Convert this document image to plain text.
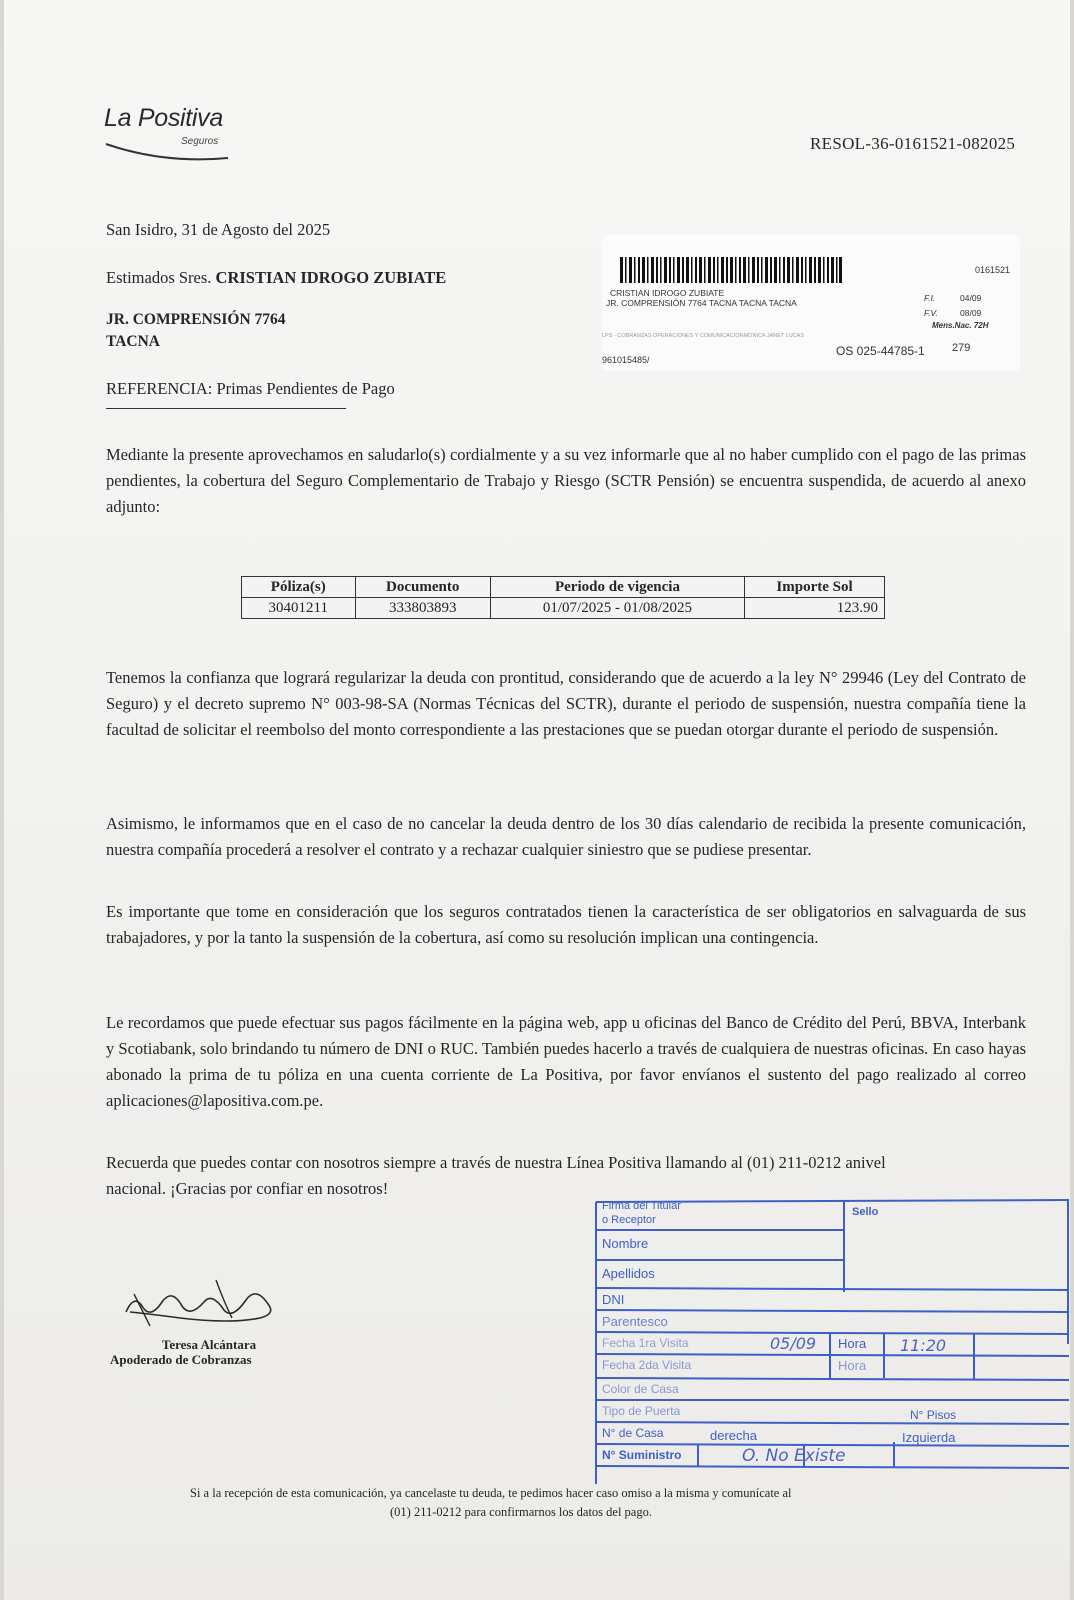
La Positiva
Seguros	RESOL-36-0161521-082025
San Isidro, 31 de Agosto del 2025
Estimados Sres. CRISTIAN IDROGO ZUBIATE
JR. COMPRENSIÓN 7764
TACNA
REFERENCIA: Primas Pendientes de Pago
0161521
CRISTIAN IDROGO ZUBIATE
JR. COMPRENSIÓN 7764 TACNA TACNA TACNA	F.I.	04/09
F.V.	08/09
Mens.Nac. 72H
LPS - COBRANZAS OPERACIONES Y COMUNICACIONMONICA JANET LUCAS
961015485/
OS 025-44785-1 279
Mediante la presente aprovechamos en saludarlo(s) cordialmente y a su vez informarle que al no haber cumplido con el pago de las primas pendientes, la cobertura del Seguro Complementario de Trabajo y Riesgo (SCTR Pensión) se encuentra suspendida, de acuerdo al anexo adjunto:
Póliza(s)	Documento	Periodo de vigencia	Importe Sol
30401211	333803893	01/07/2025 - 01/08/2025	123.90
Tenemos la confianza que logrará regularizar la deuda con prontitud, considerando que de acuerdo a la ley N° 29946 (Ley del Contrato de Seguro) y el decreto supremo N° 003-98-SA (Normas Técnicas del SCTR), durante el periodo de suspensión, nuestra compañía tiene la facultad de solicitar el reembolso del monto correspondiente a las prestaciones que se puedan otorgar durante el periodo de suspensión.
Asimismo, le informamos que en el caso de no cancelar la deuda dentro de los 30 días calendario de recibida la presente comunicación, nuestra compañía procederá a resolver el contrato y a rechazar cualquier siniestro que se pudiese presentar.
Es importante que tome en consideración que los seguros contratados tienen la característica de ser obligatorios en salvaguarda de sus trabajadores, y por la tanto la suspensión de la cobertura, así como su resolución implican una contingencia.
Le recordamos que puede efectuar sus pagos fácilmente en la página web, app u oficinas del Banco de Crédito del Perú, BBVA, Interbank y Scotiabank, solo brindando tu número de DNI o RUC. También puedes hacerlo a través de cualquiera de nuestras oficinas. En caso hayas abonado la prima de tu póliza en una cuenta corriente de La Positiva, por favor envíanos el sustento del pago realizado al correo aplicaciones@lapositiva.com.pe.
Recuerda que puedes contar con nosotros siempre a través de nuestra Línea Positiva llamando al (01) 211-0212 anivel
nacional. ¡Gracias por confiar en nosotros!
Teresa Alcántara
Apoderado de Cobranzas
Firma del Titular
o Receptor
Sello
Nombre
Apellidos
DNI
Parentesco
Fecha 1ra Visita	05/09 Hora 11:20
Fecha 2da Visita	Hora
Color de Casa
Tipo de Puerta	N° Pisos
N° de Casa	derecha	Izquierda
N° Suministro	O. No Existe
Si a la recepción de esta comunicación, ya cancelaste tu deuda, te pedimos hacer caso omiso a la misma y comunícate al
(01) 211-0212 para confirmarnos los datos del pago.
